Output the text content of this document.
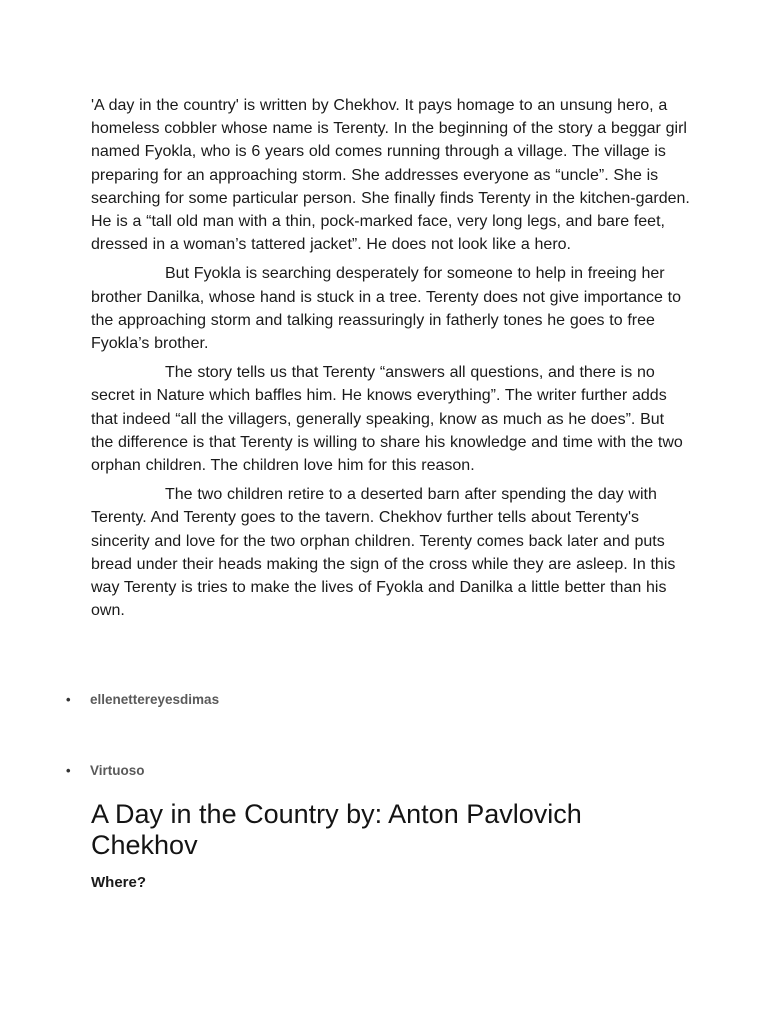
'A day in the country' is written by Chekhov. It pays homage to an unsung hero, a homeless cobbler whose name is Terenty. In the beginning of the story a beggar girl named Fyokla, who is 6 years old comes running through a village. The village is preparing for an approaching storm. She addresses everyone as “uncle”. She is searching for some particular person. She finally finds Terenty in the kitchen-garden. He is a “tall old man with a thin, pock-marked face, very long legs, and bare feet, dressed in a woman’s tattered jacket”. He does not look like a hero.

But Fyokla is searching desperately for someone to help in freeing her brother Danilka, whose hand is stuck in a tree. Terenty does not give importance to the approaching storm and talking reassuringly in fatherly tones he goes to free Fyokla’s brother.

The story tells us that Terenty “answers all questions, and there is no secret in Nature which baffles him. He knows everything”. The writer further adds that indeed “all the villagers, generally speaking, know as much as he does”. But the difference is that Terenty is willing to share his knowledge and time with the two orphan children. The children love him for this reason.

The two children retire to a deserted barn after spending the day with Terenty. And Terenty goes to the tavern. Chekhov further tells about Terenty's sincerity and love for the two orphan children. Terenty comes back later and puts bread under their heads making the sign of the cross while they are asleep. In this way Terenty is tries to make the lives of Fyokla and Danilka a little better than his own.

•	ellenettereyesdimas
•	Virtuoso
A Day in the Country by: Anton Pavlovich Chekhov
Where?
